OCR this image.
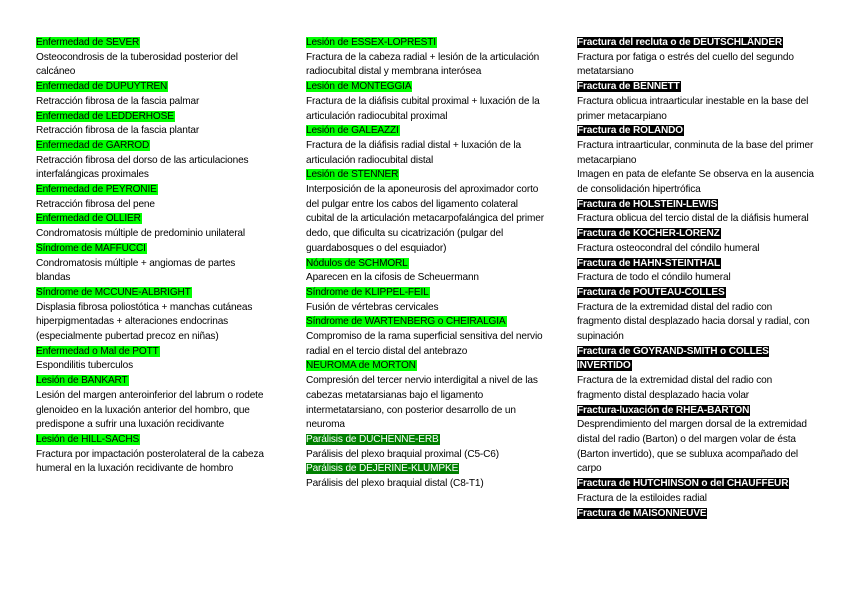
Enfermedad de SEVER
Osteocondrosis de la tuberosidad posterior del calcáneo
Enfermedad de DUPUYTREN
Retracción fibrosa de la fascia palmar
Enfermedad de LEDDERHOSE
Retracción fibrosa de la fascia plantar
Enfermedad de GARROD
Retracción fibrosa del dorso de las articulaciones interfalángicas proximales
Enfermedad de PEYRONIE
Retracción fibrosa del pene
Enfermedad de OLLIER
Condromatosis múltiple de predominio unilateral
Síndrome de MAFFUCCI
Condromatosis múltiple + angiomas de partes blandas
Síndrome de MCCUNE-ALBRIGHT
Displasia fibrosa poliostótica + manchas cutáneas hiperpigmentadas + alteraciones endocrinas (especialmente pubertad precoz en niñas)
Enfermedad o Mal de POTT
Espondilitis tuberculos
Lesión de BANKART
Lesión del margen anteroinferior del labrum o rodete glenoideo en la luxación anterior del hombro, que predispone a sufrir una luxación recidivante
Lesión de HILL-SACHS
Fractura por impactación posterolateral de la cabeza humeral en la luxación recidivante de hombro
Lesión de ESSEX-LOPRESTI
Fractura de la cabeza radial + lesión de la articulación radiocubital distal y membrana interósea
Lesión de MONTEGGIA
Fractura de la diáfisis cubital proximal + luxación de la articulación radiocubital proximal
Lesión de GALEAZZI
Fractura de la diáfisis radial distal + luxación de la articulación radiocubital distal
Lesión de STENNER
Interposición de la aponeurosis del aproximador corto del pulgar entre los cabos del ligamento colateral cubital de la articulación metacarpofalángica del primer dedo, que dificulta su cicatrización (pulgar del guardabosques o del esquiador)
Nódulos de SCHMORL
Aparecen en la cifosis de Scheuermann
Síndrome de KLIPPEL-FEIL
Fusión de vértebras cervicales
Síndrome de WARTENBERG o CHEIRALGIA
Compromiso de la rama superficial sensitiva del nervio radial en el tercio distal del antebrazo
NEUROMA de MORTON
Compresión del tercer nervio interdigital a nivel de las cabezas metatarsianas bajo el ligamento intermetatarsiano, con posterior desarrollo de un neuroma
Parálisis de DUCHENNE-ERB
Parálisis del plexo braquial proximal (C5-C6)
Parálisis de DÉJERINE-KLUMPKE
Parálisis del plexo braquial distal (C8-T1)
Fractura del recluta o de DEUTSCHLÄNDER
Fractura por fatiga o estrés del cuello del segundo metatarsiano
Fractura de BENNETT
Fractura oblicua intraarticular inestable en la base del primer metacarpiano
Fractura de ROLANDO
Fractura intraarticular, conminuta de la base del primer metacarpiano
Imagen en pata de elefante Se observa en la ausencia de consolidación hipertrófica
Fractura de HOLSTEIN-LEWIS
Fractura oblicua del tercio distal de la diáfisis humeral
Fractura de KOCHER-LÖRENZ
Fractura osteocondral del cóndilo humeral
Fractura de HAHN-STEINTHAL
Fractura de todo el cóndilo humeral
Fractura de POUTEAU-COLLES
Fractura de la extremidad distal del radio con fragmento distal desplazado hacia dorsal y radial, con supinación
Fractura de GOYRAND-SMITH o COLLES INVERTIDO
Fractura de la extremidad distal del radio con fragmento distal desplazado hacia volar
Fractura-luxación de RHEA-BARTON
Desprendimiento del margen dorsal de la extremidad distal del radio (Barton) o del margen volar de ésta (Barton invertido), que se subluxa acompañado del carpo
Fractura de HUTCHINSON o del CHAUFFEUR
Fractura de la estiloides radial
Fractura de MAISONNEUVE
